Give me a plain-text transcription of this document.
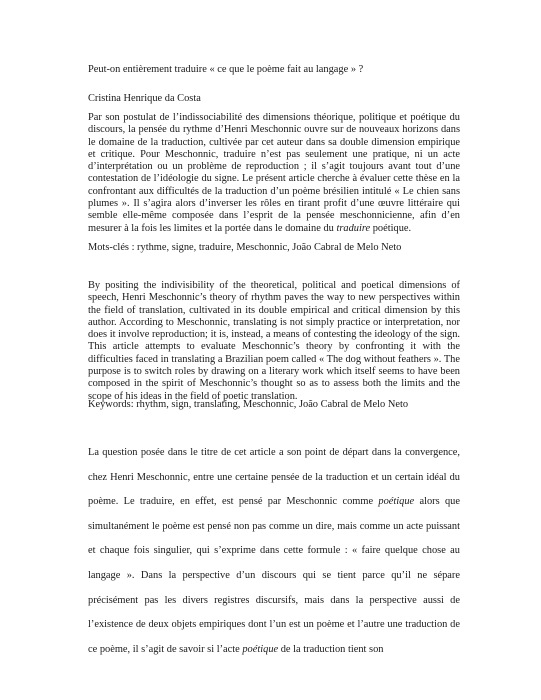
Peut-on entièrement traduire « ce que le poème fait au langage » ?
Cristina Henrique da Costa

Par son postulat de l’indissociabilité des dimensions théorique, politique et poétique du discours, la pensée du rythme d’Henri Meschonnic ouvre sur de nouveaux horizons dans le domaine de la traduction, cultivée par cet auteur dans sa double dimension empirique et critique. Pour Meschonnic, traduire n’est pas seulement une pratique, ni un acte d’interprétation ou un problème de reproduction ; il s’agit toujours avant tout d’une contestation de l’idéologie du signe. Le présent article cherche à évaluer cette thèse en la confrontant aux difficultés de la traduction d’un poème brésilien intitulé « Le chien sans plumes ». Il s’agira alors d’inverser les rôles en tirant profit d’une œuvre littéraire qui semble elle-même composée dans l’esprit de la pensée meschonnicienne, afin d’en mesurer à la fois les limites et la portée dans le domaine du traduire poétique.

Mots-clés : rythme, signe, traduire, Meschonnic, João Cabral de Melo Neto

By positing the indivisibility of the theoretical, political and poetical dimensions of speech, Henri Meschonnic’s theory of rhythm paves the way to new perspectives within the field of translation, cultivated in its double empirical and critical dimension by this author. According to Meschonnic, translating is not simply practice or interpretation, nor does it involve reproduction; it is, instead, a means of contesting the ideology of the sign. This article attempts to evaluate Meschonnic’s theory by confronting it with the difficulties faced in translating a Brazilian poem called « The dog without feathers ». The purpose is to switch roles by drawing on a literary work which itself seems to have been composed in the spirit of Meschonnic’s thought so as to assess both the limits and the scope of his ideas in the field of poetic translation.

Keywords: rhythm, sign, translating, Meschonnic, João Cabral de Melo Neto

La question posée dans le titre de cet article a son point de départ dans la convergence, chez Henri Meschonnic, entre une certaine pensée de la traduction et un certain idéal du poème. Le traduire, en effet, est pensé par Meschonnic comme poétique alors que simultanément le poème est pensé non pas comme un dire, mais comme un acte puissant et chaque fois singulier, qui s’exprime dans cette formule : « faire quelque chose au langage ». Dans la perspective d’un discours qui se tient parce qu’il ne sépare précisément pas les divers registres discursifs, mais dans la perspective aussi de l’existence de deux objets empiriques dont l’un est un poème et l’autre une traduction de ce poème, il s’agit de savoir si l’acte poétique de la traduction tient son
